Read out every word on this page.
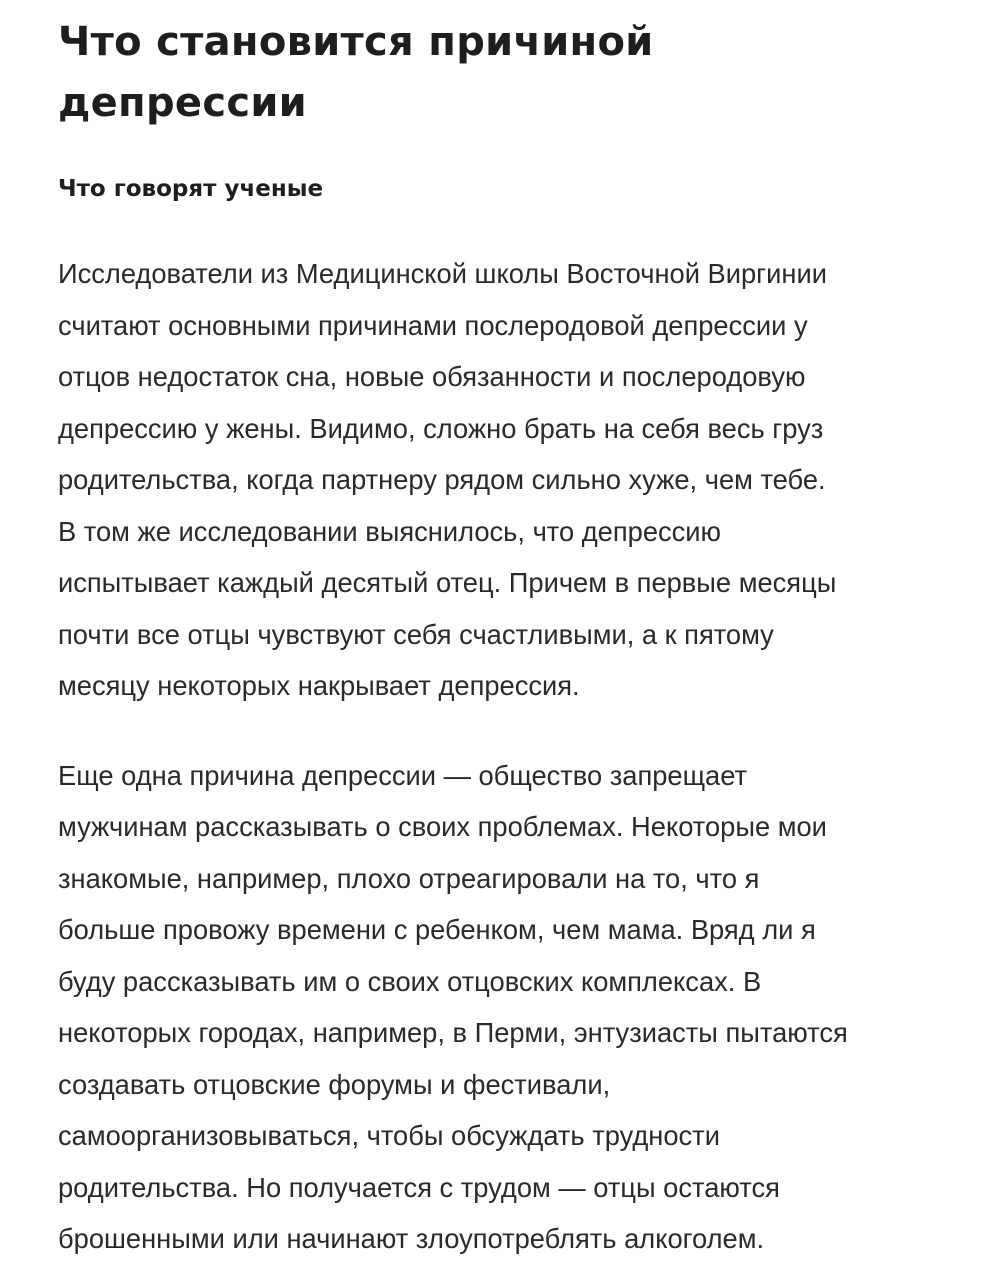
Что становится причиной депрессии
Что говорят ученые

Исследователи из Медицинской школы Восточной Виргинии считают основными причинами послеродовой депрессии у отцов недостаток сна, новые обязанности и послеродовую депрессию у жены. Видимо, сложно брать на себя весь груз родительства, когда партнеру рядом сильно хуже, чем тебе. В том же исследовании выяснилось, что депрессию испытывает каждый десятый отец. Причем в первые месяцы почти все отцы чувствуют себя счастливыми, а к пятому месяцу некоторых накрывает депрессия.

Еще одна причина депрессии — общество запрещает мужчинам рассказывать о своих проблемах. Некоторые мои знакомые, например, плохо отреагировали на то, что я больше провожу времени с ребенком, чем мама. Вряд ли я буду рассказывать им о своих отцовских комплексах. В некоторых городах, например, в Перми, энтузиасты пытаются создавать отцовские форумы и фестивали, самоорганизовываться, чтобы обсуждать трудности родительства. Но получается с трудом — отцы остаются брошенными или начинают злоупотреблять алкоголем.
